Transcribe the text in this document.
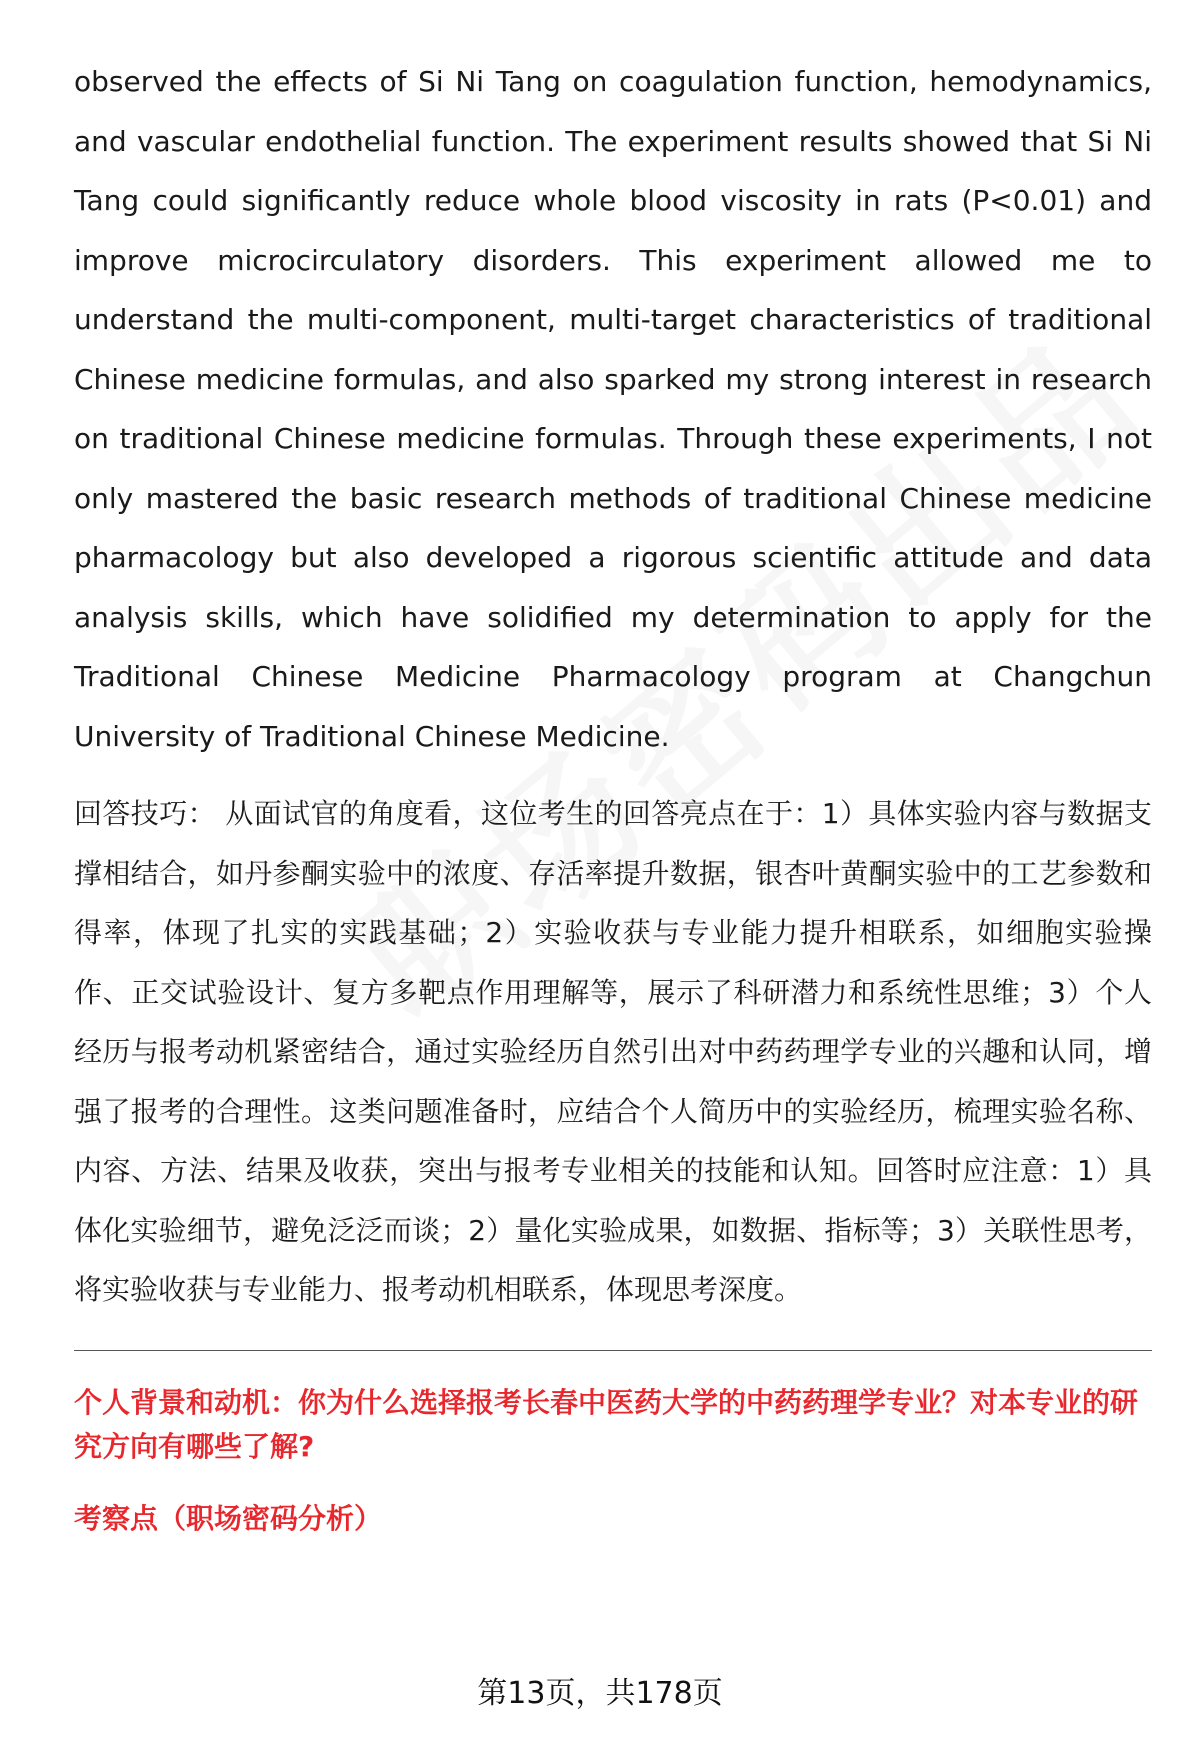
observed the effects of Si Ni Tang on coagulation function, hemodynamics, and vascular endothelial function. The experiment results showed that Si Ni Tang could significantly reduce whole blood viscosity in rats (P<0.01) and improve microcirculatory disorders. This experiment allowed me to understand the multi-component, multi-target characteristics of traditional Chinese medicine formulas, and also sparked my strong interest in research on traditional Chinese medicine formulas. Through these experiments, I not only mastered the basic research methods of traditional Chinese medicine pharmacology but also developed a rigorous scientific attitude and data analysis skills, which have solidified my determination to apply for the Traditional Chinese Medicine Pharmacology program at Changchun University of Traditional Chinese Medicine.

回答技巧： 从面试官的角度看，这位考生的回答亮点在于：1）具体实验内容与数据支撑相结合，如丹参酮实验中的浓度、存活率提升数据，银杏叶黄酮实验中的工艺参数和得率，体现了扎实的实践基础；2）实验收获与专业能力提升相联系，如细胞实验操作、正交试验设计、复方多靶点作用理解等，展示了科研潜力和系统性思维；3）个人经历与报考动机紧密结合，通过实验经历自然引出对中药药理学专业的兴趣和认同，增强了报考的合理性。这类问题准备时，应结合个人简历中的实验经历，梳理实验名称、内容、方法、结果及收获，突出与报考专业相关的技能和认知。回答时应注意：1）具体化实验细节，避免泛泛而谈；2）量化实验成果，如数据、指标等；3）关联性思考，将实验收获与专业能力、报考动机相联系，体现思考深度。

个人背景和动机：你为什么选择报考长春中医药大学的中药药理学专业？对本专业的研究方向有哪些了解?
考察点（职场密码分析）
第13页，共178页
